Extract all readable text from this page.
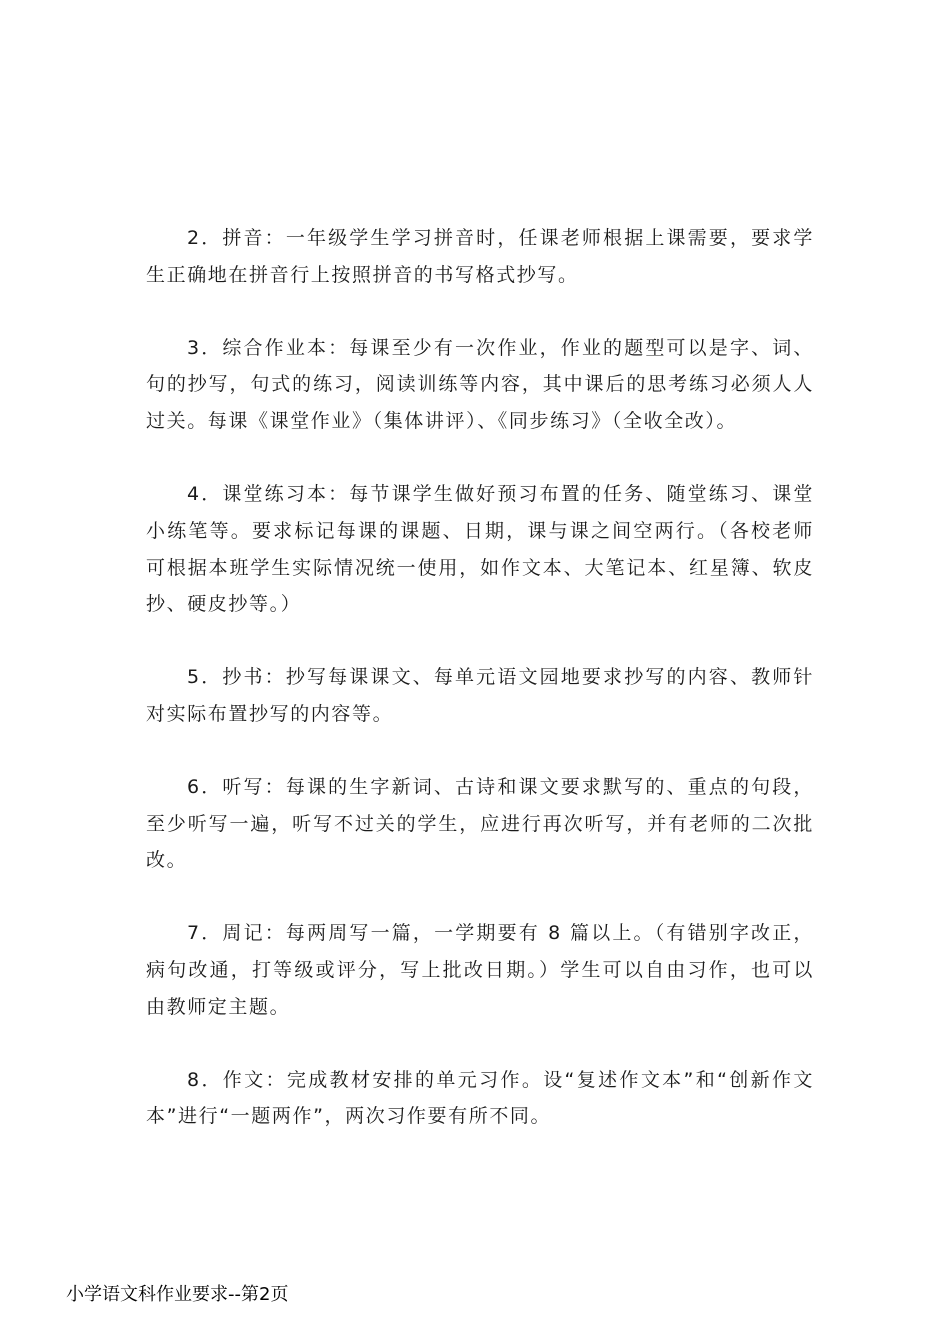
2．拼音：一年级学生学习拼音时，任课老师根据上课需要，要求学生正确地在拼音行上按照拼音的书写格式抄写。

3．综合作业本：每课至少有一次作业，作业的题型可以是字、词、句的抄写，句式的练习，阅读训练等内容，其中课后的思考练习必须人人过关。每课《课堂作业》（集体讲评）、《同步练习》（全收全改）。

4．课堂练习本：每节课学生做好预习布置的任务、随堂练习、课堂小练笔等。要求标记每课的课题、日期，课与课之间空两行。（各校老师可根据本班学生实际情况统一使用，如作文本、大笔记本、红星簿、软皮抄、硬皮抄等。）

5．抄书：抄写每课课文、每单元语文园地要求抄写的内容、教师针对实际布置抄写的内容等。

6．听写：每课的生字新词、古诗和课文要求默写的、重点的句段，至少听写一遍，听写不过关的学生，应进行再次听写，并有老师的二次批改。

7．周记：每两周写一篇，一学期要有 8 篇以上。（有错别字改正，病句改通，打等级或评分，写上批改日期。）学生可以自由习作，也可以由教师定主题。

8．作文：完成教材安排的单元习作。设“复述作文本”和“创新作文本”进行“一题两作”，两次习作要有所不同。

小学语文科作业要求--第2页
